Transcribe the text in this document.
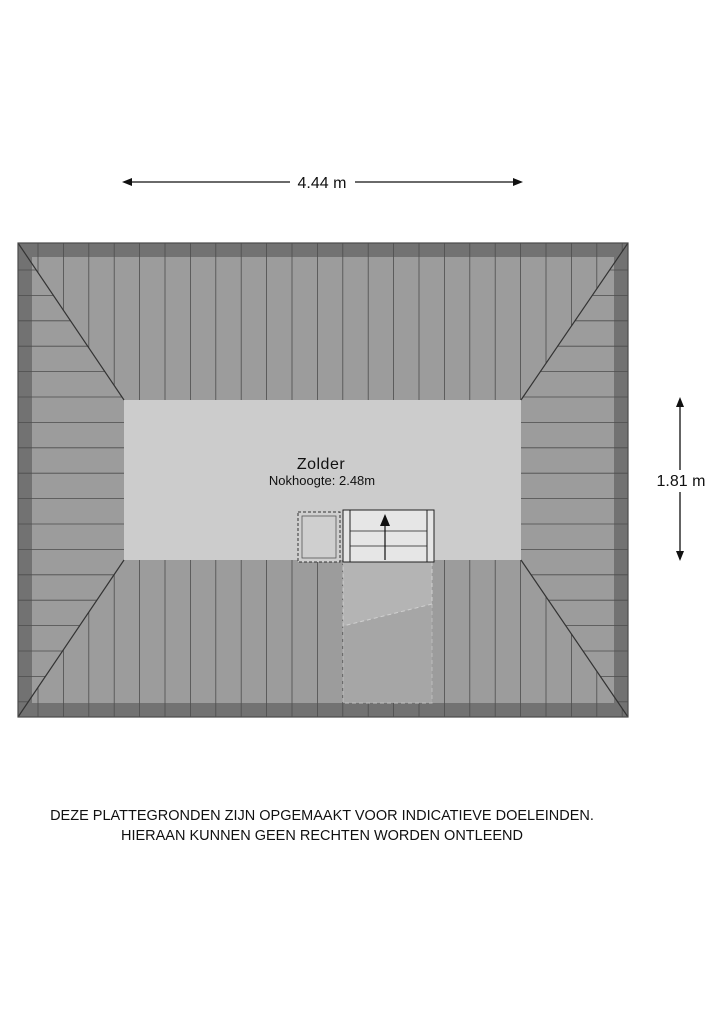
4.44 m
1.81 m
Zolder
Nokhoogte: 2.48m
DEZE PLATTEGRONDEN ZIJN OPGEMAAKT VOOR INDICATIEVE DOELEINDEN.
HIERAAN KUNNEN GEEN RECHTEN WORDEN ONTLEEND
